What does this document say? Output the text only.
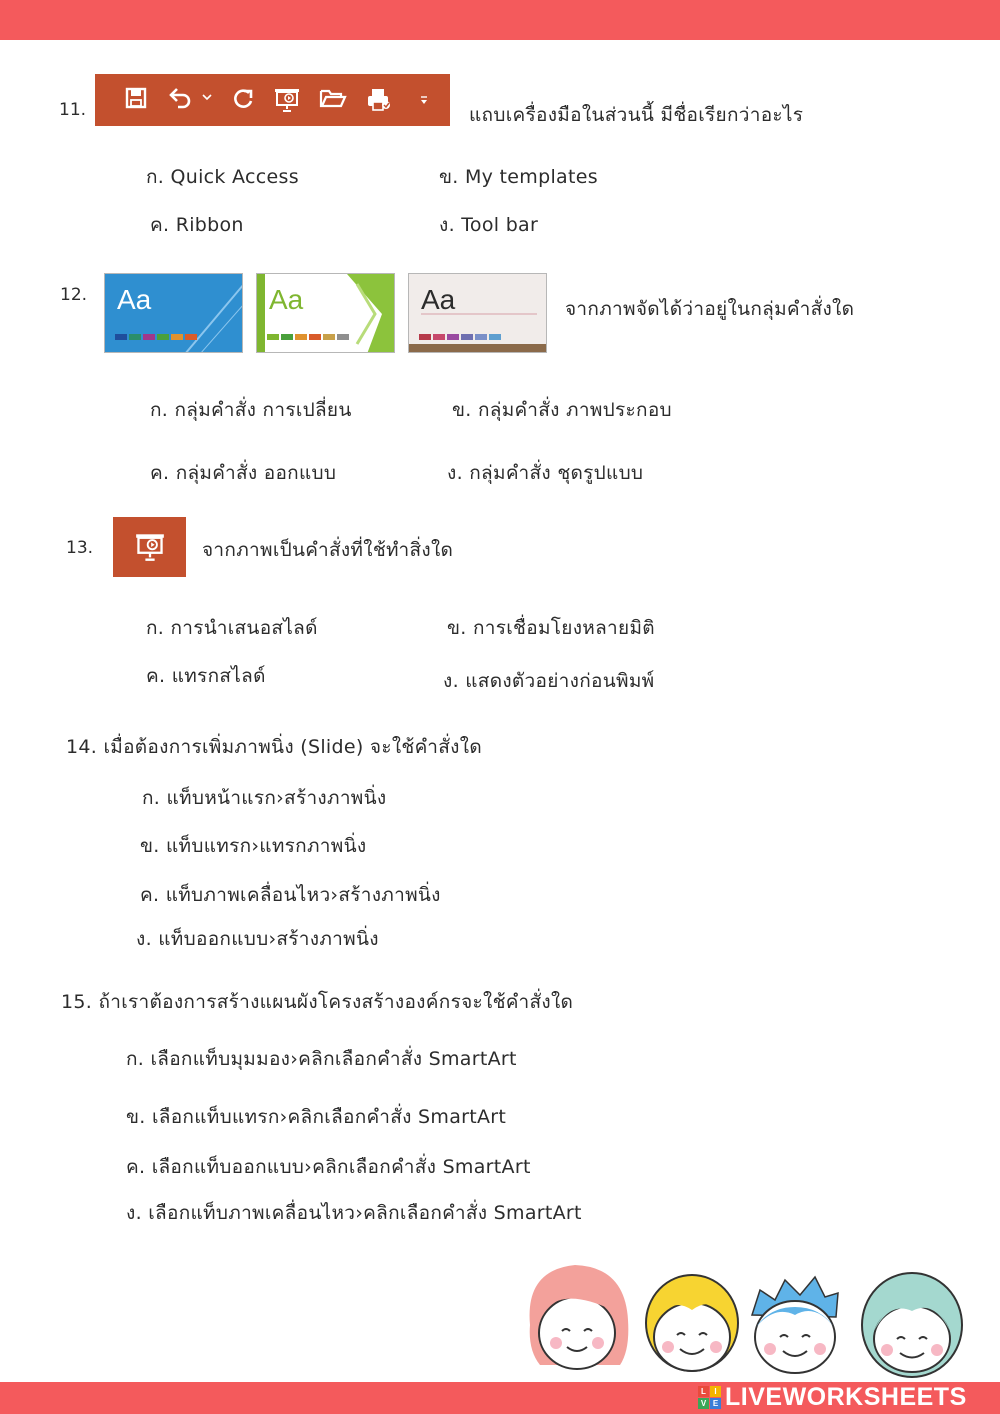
11.	แถบเครื่องมือในส่วนนี้ มีชื่อเรียกว่าอะไร
ก. Quick Access	ข. My templates
ค. Ribbon	ง. Tool bar
12. Aa	Aa	Aa	จากภาพจัดได้ว่าอยู่ในกลุ่มคำสั่งใด
ก. กลุ่มคำสั่ง การเปลี่ยน	ข. กลุ่มคำสั่ง ภาพประกอบ
ค. กลุ่มคำสั่ง ออกแบบ	ง. กลุ่มคำสั่ง ชุดรูปแบบ
13.	จากภาพเป็นคำสั่งที่ใช้ทำสิ่งใด
ก. การนำเสนอสไลด์	ข. การเชื่อมโยงหลายมิติ
ค. แทรกสไลด์	ง. แสดงตัวอย่างก่อนพิมพ์
14. เมื่อต้องการเพิ่มภาพนิ่ง (Slide) จะใช้คำสั่งใด
ก. แท็บหน้าแรก›สร้างภาพนิ่ง
ข. แท็บแทรก›แทรกภาพนิ่ง
ค. แท็บภาพเคลื่อนไหว›สร้างภาพนิ่ง
ง. แท็บออกแบบ›สร้างภาพนิ่ง
15. ถ้าเราต้องการสร้างแผนผังโครงสร้างองค์กรจะใช้คำสั่งใด
ก. เลือกแท็บมุมมอง›คลิกเลือกคำสั่ง SmartArt
ข. เลือกแท็บแทรก›คลิกเลือกคำสั่ง SmartArt
ค. เลือกแท็บออกแบบ›คลิกเลือกคำสั่ง SmartArt
ง. เลือกแท็บภาพเคลื่อนไหว›คลิกเลือกคำสั่ง SmartArt
L	I
V E LIVEWORKSHEETS
